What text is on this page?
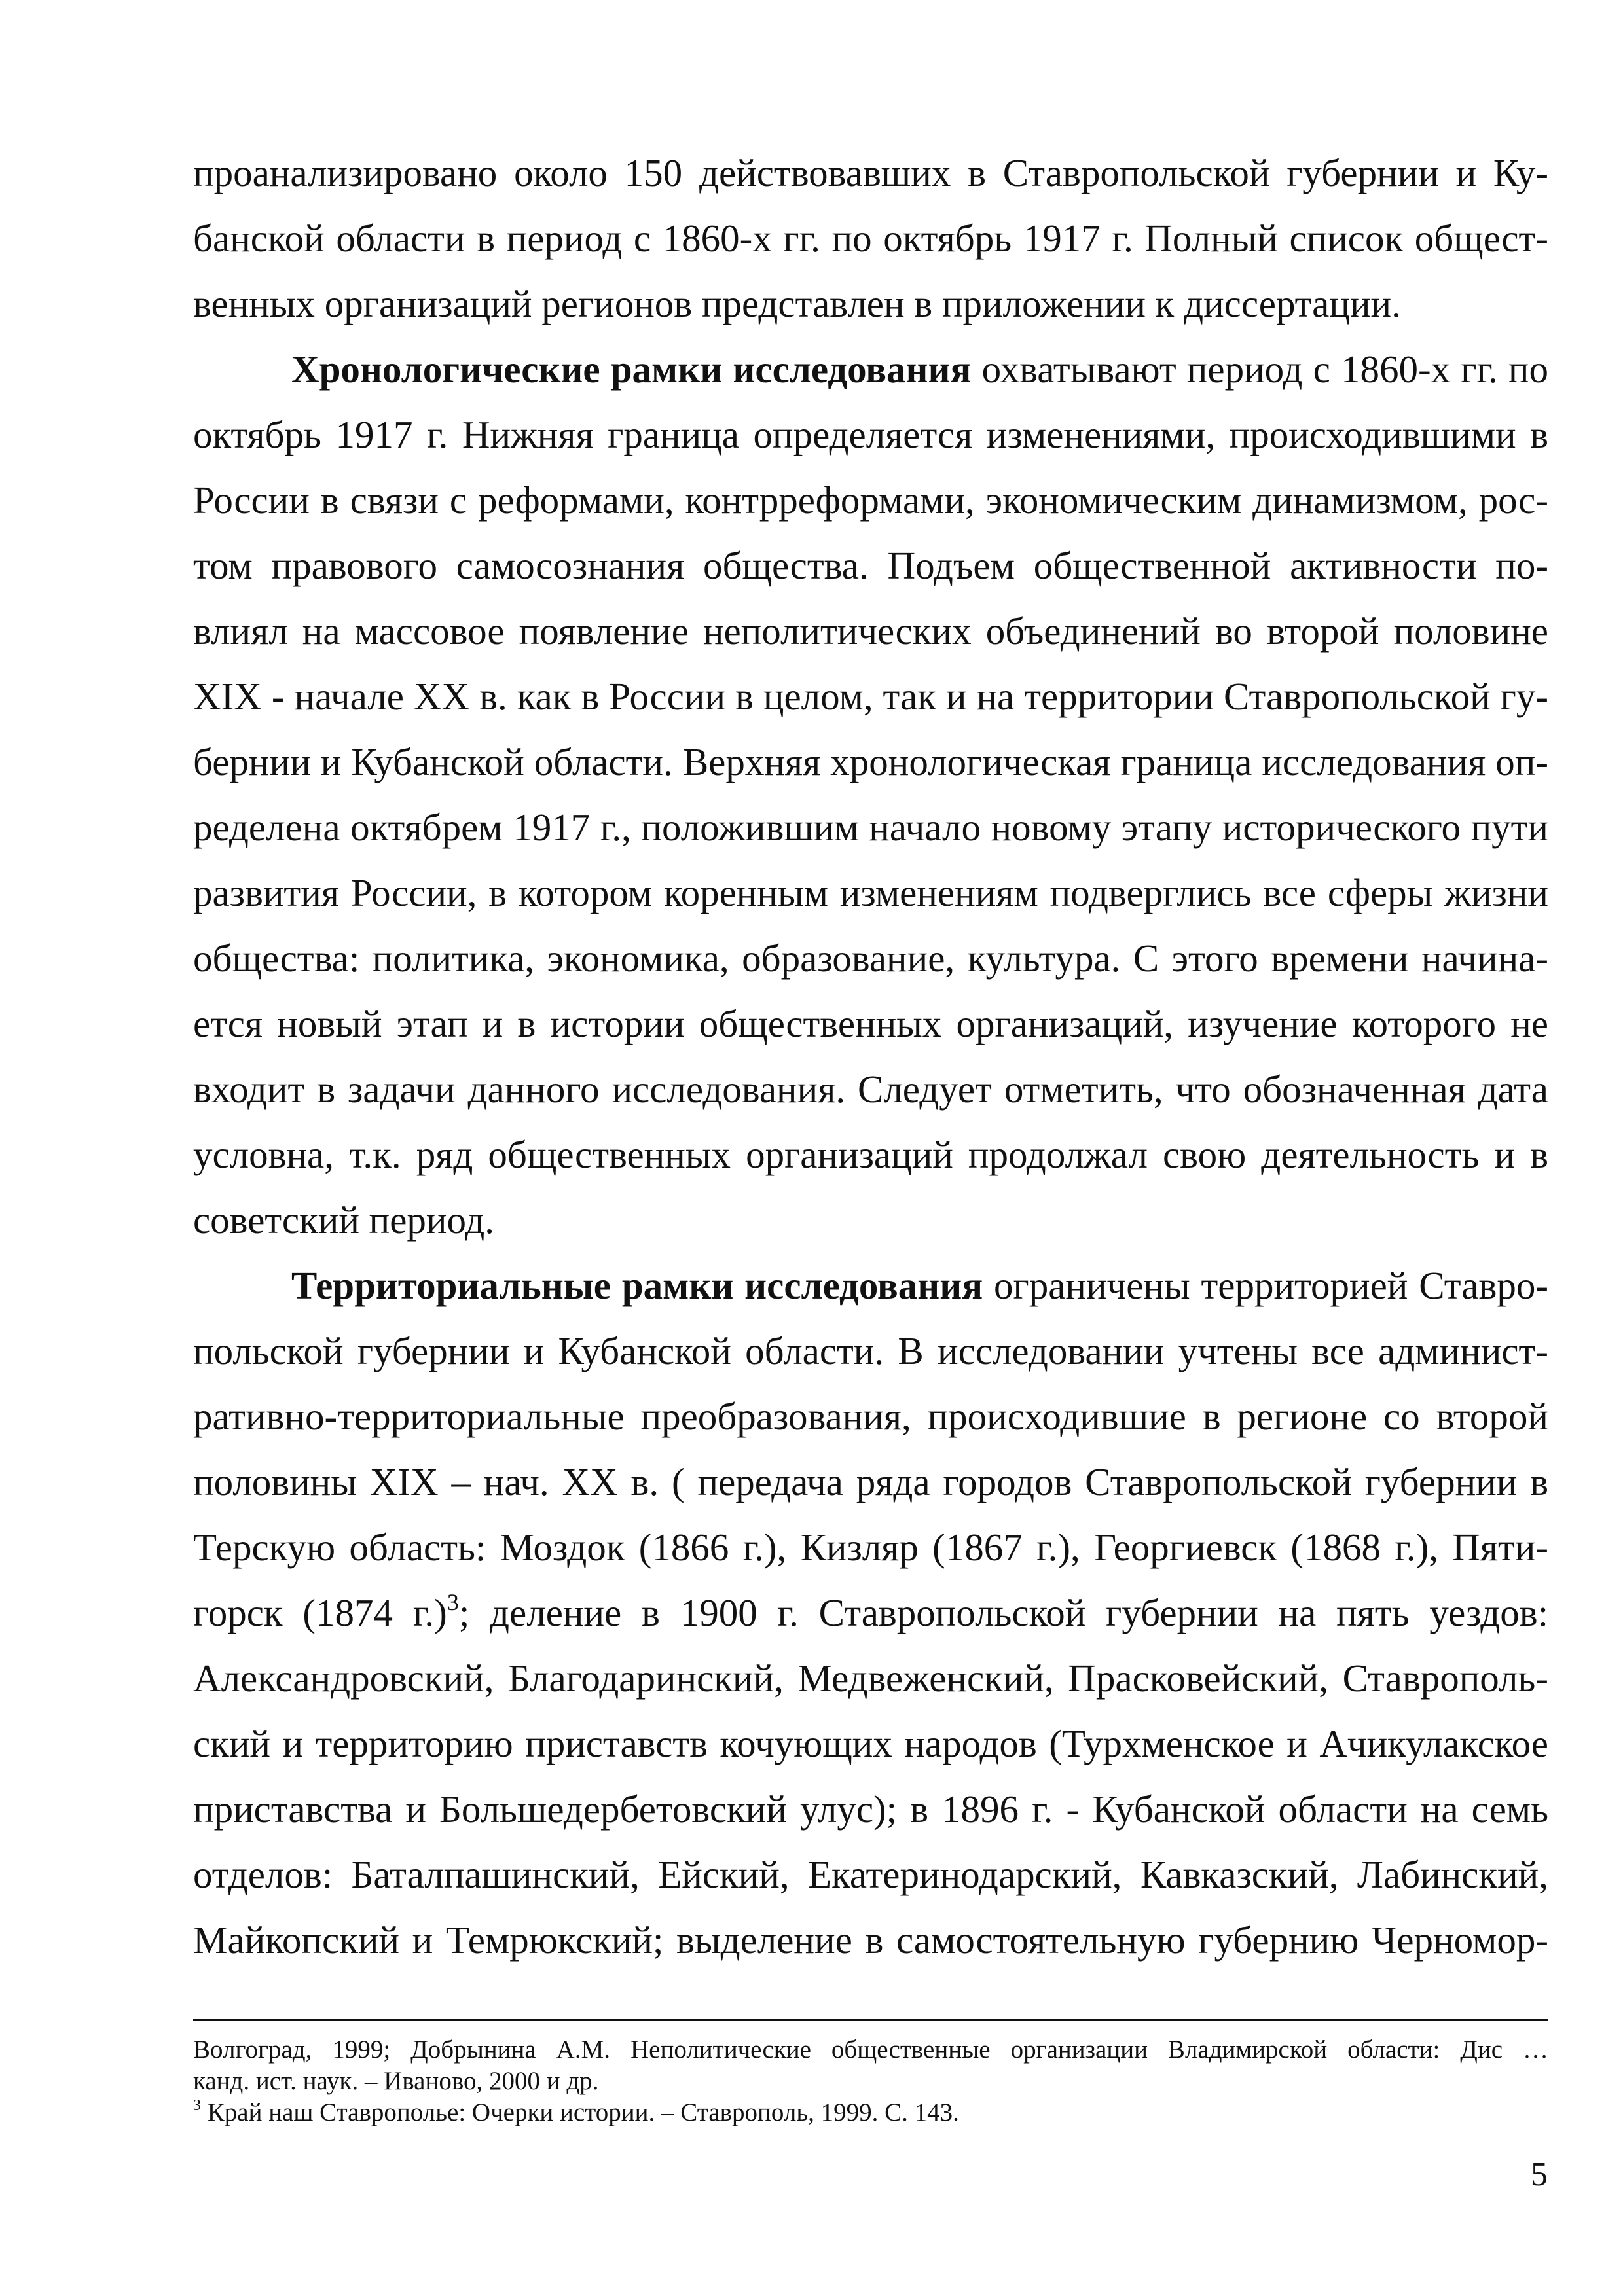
проанализировано около 150 действовавших в Ставропольской губернии и Ку-
банской области в период с 1860-х гг. по октябрь 1917 г. Полный список общест-
венных организаций регионов представлен в приложении к диссертации.
Хронологические рамки исследования охватывают период с 1860-х гг. по
октябрь 1917 г. Нижняя граница определяется изменениями, происходившими в
России в связи с реформами, контрреформами, экономическим динамизмом, рос-
том правового самосознания общества. Подъем общественной активности по-
влиял на массовое появление неполитических объединений во второй половине
XIX - начале XX в. как в России в целом, так и на территории Ставропольской гу-
бернии и Кубанской области. Верхняя хронологическая граница исследования оп-
ределена октябрем 1917 г., положившим начало новому этапу исторического пути
развития России, в котором коренным изменениям подверглись все сферы жизни
общества: политика, экономика, образование, культура. С этого времени начина-
ется новый этап и в истории общественных организаций, изучение которого не
входит в задачи данного исследования. Следует отметить, что обозначенная дата
условна, т.к. ряд общественных организаций продолжал свою деятельность и в
советский период.
Территориальные рамки исследования ограничены территорией Ставро-
польской губернии и Кубанской области. В исследовании учтены все админист-
ративно-территориальные преобразования, происходившие в регионе со второй
половины XIX – нач. XX в. ( передача ряда городов Ставропольской губернии в
Терскую область: Моздок (1866 г.), Кизляр (1867 г.), Георгиевск (1868 г.), Пяти-
горск (1874 г.)$^3$; деление в 1900 г. Ставропольской губернии на пять уездов:
Александровский, Благодаринский, Медвеженский, Прасковейский, Ставрополь-
ский и территорию приставств кочующих народов (Турхменское и Ачикулакское
приставства и Большедербетовский улус); в 1896 г. - Кубанской области на семь
отделов: Баталпашинский, Ейский, Екатеринодарский, Кавказский, Лабинский,
Майкопский и Темрюкский; выделение в самостоятельную губернию Черномор-
Волгоград, 1999; Добрынина А.М. Неполитические общественные организации Владимирской области: Дис …
канд. ист. наук. – Иваново, 2000 и др.
$^3$ Край наш Ставрополье: Очерки истории. – Ставрополь, 1999. С. 143.
5
